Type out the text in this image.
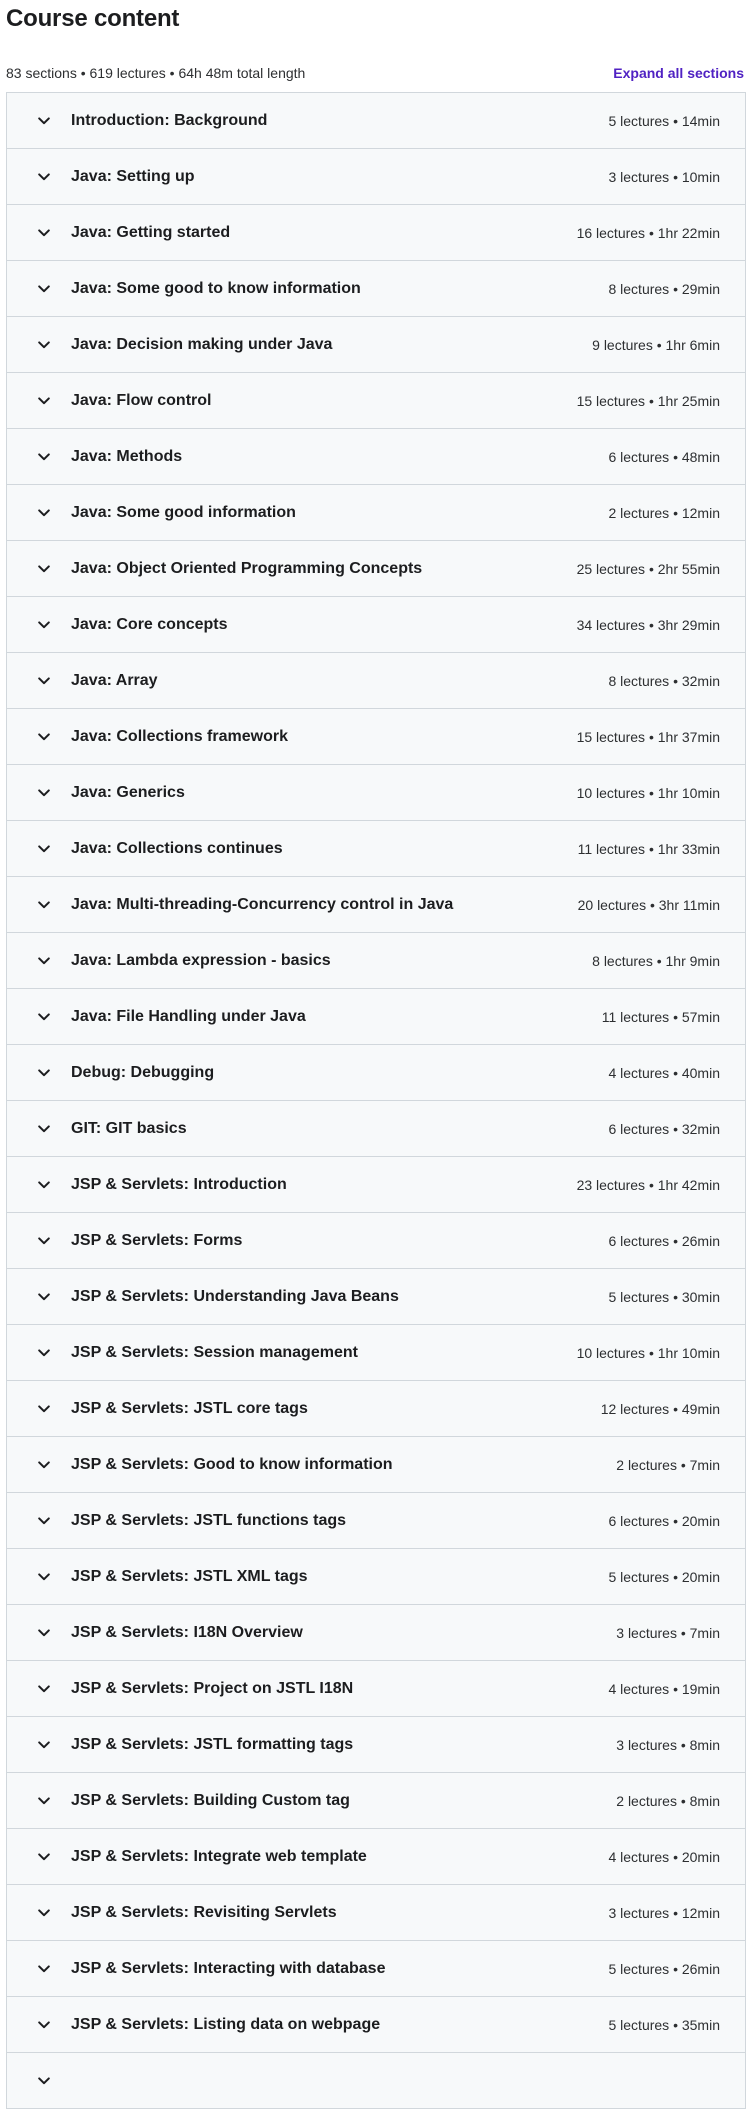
Course content
83 sections • 619 lectures • 64h 48m total length	Expand all sections
Introduction: Background	5 lectures • 14min
Java: Setting up	3 lectures • 10min
Java: Getting started	16 lectures • 1hr 22min
Java: Some good to know information	8 lectures • 29min
Java: Decision making under Java	9 lectures • 1hr 6min
Java: Flow control	15 lectures • 1hr 25min
Java: Methods	6 lectures • 48min
Java: Some good information	2 lectures • 12min
Java: Object Oriented Programming Concepts	25 lectures • 2hr 55min
Java: Core concepts	34 lectures • 3hr 29min
Java: Array	8 lectures • 32min
Java: Collections framework	15 lectures • 1hr 37min
Java: Generics	10 lectures • 1hr 10min
Java: Collections continues	11 lectures • 1hr 33min
Java: Multi-threading-Concurrency control in Java	20 lectures • 3hr 11min
Java: Lambda expression - basics	8 lectures • 1hr 9min
Java: File Handling under Java	11 lectures • 57min
Debug: Debugging	4 lectures • 40min
GIT: GIT basics	6 lectures • 32min
JSP & Servlets: Introduction	23 lectures • 1hr 42min
JSP & Servlets: Forms	6 lectures • 26min
JSP & Servlets: Understanding Java Beans	5 lectures • 30min
JSP & Servlets: Session management	10 lectures • 1hr 10min
JSP & Servlets: JSTL core tags	12 lectures • 49min
JSP & Servlets: Good to know information	2 lectures • 7min
JSP & Servlets: JSTL functions tags	6 lectures • 20min
JSP & Servlets: JSTL XML tags	5 lectures • 20min
JSP & Servlets: I18N Overview	3 lectures • 7min
JSP & Servlets: Project on JSTL I18N	4 lectures • 19min
JSP & Servlets: JSTL formatting tags	3 lectures • 8min
JSP & Servlets: Building Custom tag	2 lectures • 8min
JSP & Servlets: Integrate web template	4 lectures • 20min
JSP & Servlets: Revisiting Servlets	3 lectures • 12min
JSP & Servlets: Interacting with database	5 lectures • 26min
JSP & Servlets: Listing data on webpage	5 lectures • 35min
